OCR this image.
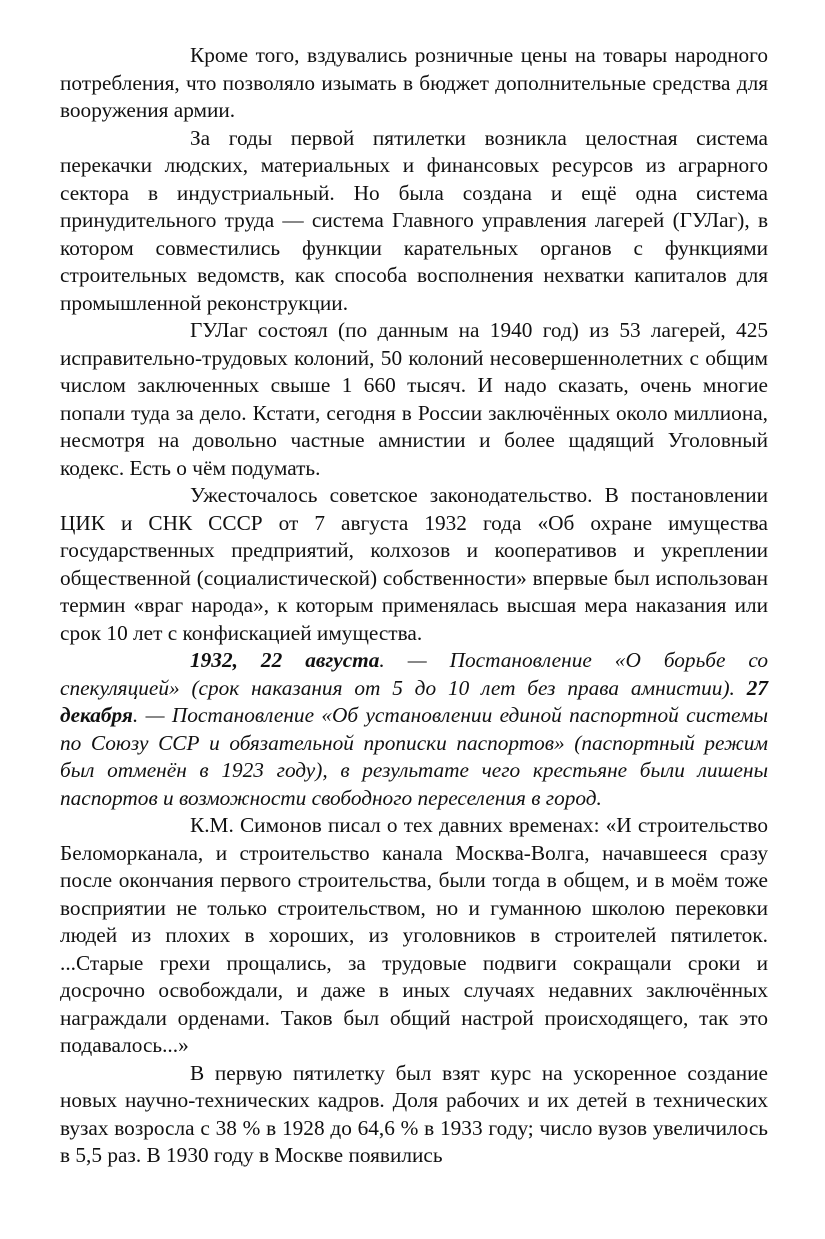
Кроме того, вздувались розничные цены на товары народного потребления, что позволяло изымать в бюджет дополнительные средства для вооружения армии.

За годы первой пятилетки возникла целостная система перекачки людских, материальных и финансовых ресурсов из аграрного сектора в индустриальный. Но была создана и ещё одна система принудительного труда — система Главного управления лагерей (ГУЛаг), в котором совместились функции карательных органов с функциями строительных ведомств, как способа восполнения нехватки капиталов для промышленной реконструкции.

ГУЛаг состоял (по данным на 1940 год) из 53 лагерей, 425 исправительно-трудовых колоний, 50 колоний несовершеннолетних с общим числом заключенных свыше 1 660 тысяч. И надо сказать, очень многие попали туда за дело. Кстати, сегодня в России заключённых около миллиона, несмотря на довольно частные амнистии и более щадящий Уголовный кодекс. Есть о чём подумать.

Ужесточалось советское законодательство. В постановлении ЦИК и СНК СССР от 7 августа 1932 года «Об охране имущества государственных предприятий, колхозов и кооперативов и укреплении общественной (социалистической) собственности» впервые был использован термин «враг народа», к которым применялась высшая мера наказания или срок 10 лет с конфискацией имущества.

1932, 22 августа. — Постановление «О борьбе со спекуляцией» (срок наказания от 5 до 10 лет без права амнистии). 27 декабря. — Постановление «Об установлении единой паспортной системы по Союзу ССР и обязательной прописки паспортов» (паспортный режим был отменён в 1923 году), в результате чего крестьяне были лишены паспортов и возможности свободного переселения в город.

К.М. Симонов писал о тех давних временах: «И строительство Беломорканала, и строительство канала Москва-Волга, начавшееся сразу после окончания первого строительства, были тогда в общем, и в моём тоже восприятии не только строительством, но и гуманною школою перековки людей из плохих в хороших, из уголовников в строителей пятилеток. ...Старые грехи прощались, за трудовые подвиги сокращали сроки и досрочно освобождали, и даже в иных случаях недавних заключённых награждали орденами. Таков был общий настрой происходящего, так это подавалось...»

В первую пятилетку был взят курс на ускоренное создание новых научно-технических кадров. Доля рабочих и их детей в технических вузах возросла с 38 % в 1928 до 64,6 % в 1933 году; число вузов увеличилось в 5,5 раз. В 1930 году в Москве появились
